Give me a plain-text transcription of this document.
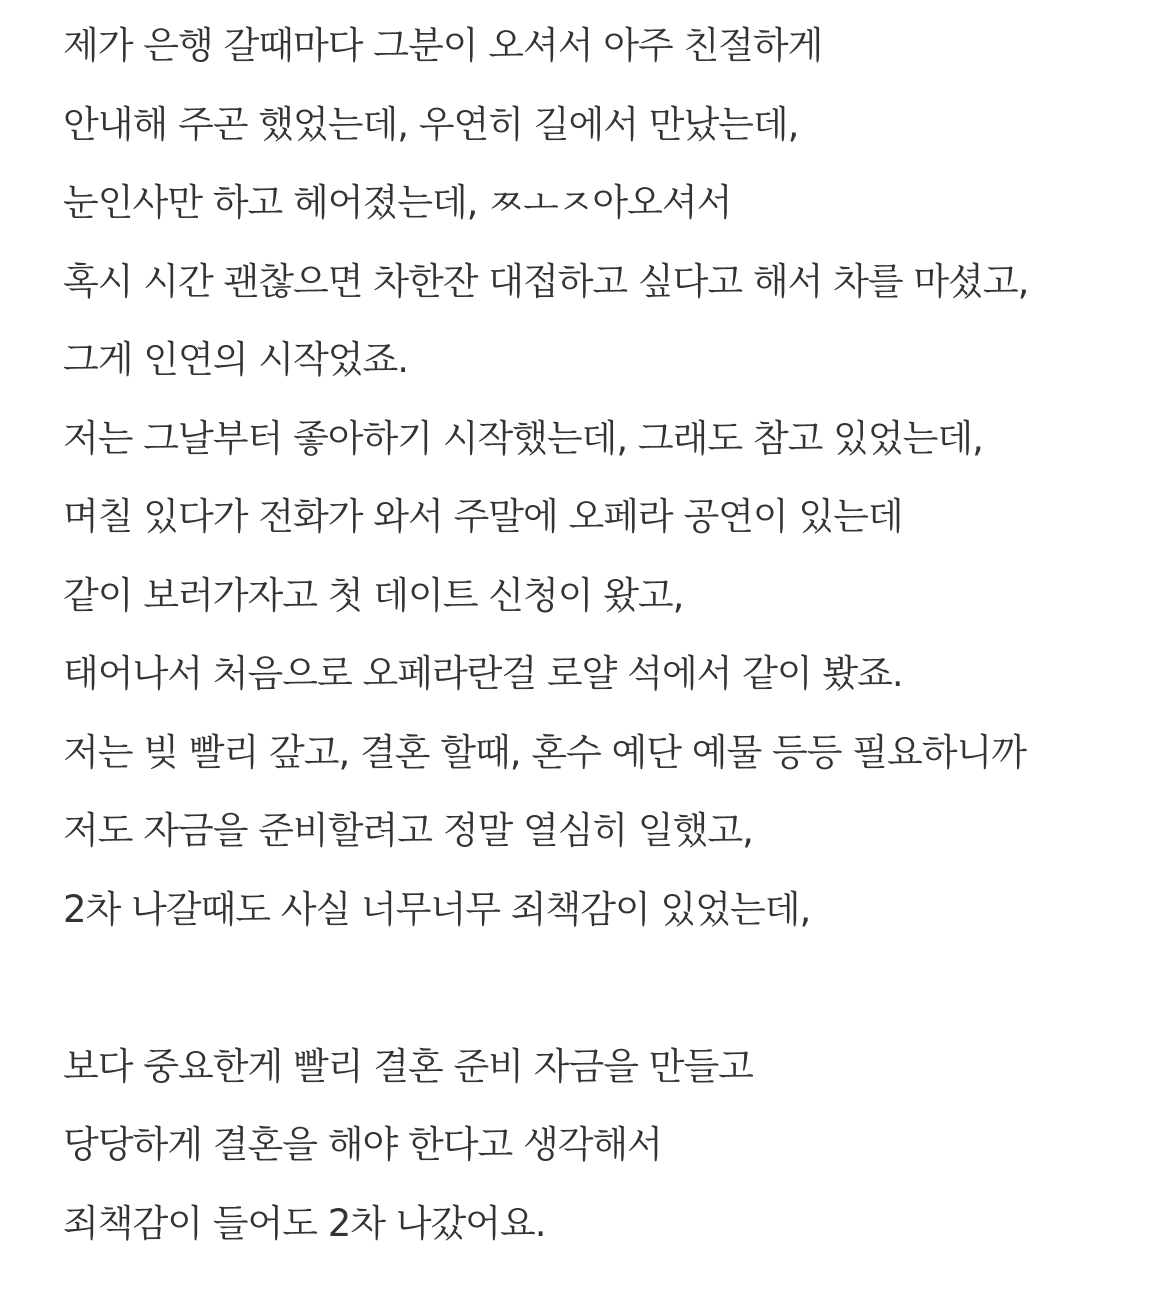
제가 은행 갈때마다 그분이 오셔서 아주 친절하게
안내해 주곤 했었는데, 우연히 길에서 만났는데,
눈인사만 하고 헤어졌는데, ㅉㅗㅈ아오셔서
혹시 시간 괜찮으면 차한잔 대접하고 싶다고 해서 차를 마셨고,
그게 인연의 시작었죠.
저는 그날부터 좋아하기 시작했는데, 그래도 참고 있었는데,
며칠 있다가 전화가 와서 주말에 오페라 공연이 있는데
같이 보러가자고 첫 데이트 신청이 왔고,
태어나서 처음으로 오페라란걸 로얄 석에서 같이 봤죠.
저는 빚 빨리 갚고, 결혼 할때, 혼수 예단 예물 등등 필요하니까
저도 자금을 준비할려고 정말 열심히 일했고,
2차 나갈때도 사실 너무너무 죄책감이 있었는데,
보다 중요한게 빨리 결혼 준비 자금을 만들고
당당하게 결혼을 해야 한다고 생각해서
죄책감이 들어도 2차 나갔어요.
